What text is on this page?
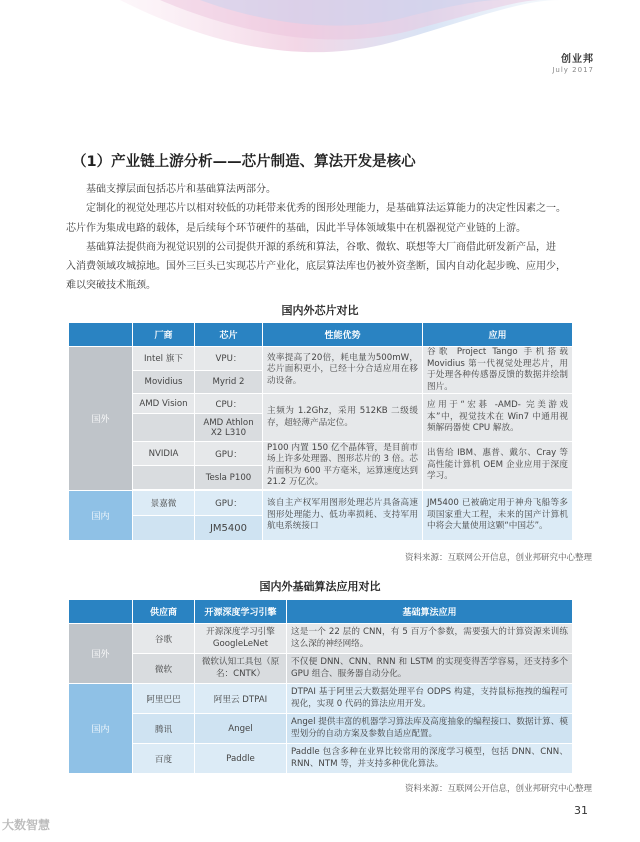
创业邦
July 2017
（1）产业链上游分析——芯片制造、算法开发是核心

基础支撑层面包括芯片和基础算法两部分。

定制化的视觉处理芯片以相对较低的功耗带来优秀的图形处理能力，是基础算法运算能力的决定性因素之一。

芯片作为集成电路的载体，是后续每个环节硬件的基础，因此半导体领域集中在机器视觉产业链的上游。

基础算法提供商为视觉识别的公司提供开源的系统和算法，谷歌、微软、联想等大厂商借此研发新产品，进

入消费领域攻城掠地。国外三巨头已实现芯片产业化，底层算法库也仍被外资垄断，国内自动化起步晚、应用少，

难以突破技术瓶颈。

国内外芯片对比
	厂商	芯片	性能优势	应用
国外	Intel 旗下	VPU：	效率提高了20倍，耗电量为500mW，芯片面积更小，已经十分合适应用在移动设备。	谷歌 Project Tango 手机搭载 Movidius 第一代视觉处理芯片，用于处理各种传感器反馈的数据并绘制图片。
	Movidius	Myrid 2		
	AMD Vision	CPU：	主频为 1.2Ghz，采用 512KB 二级缓存，超轻薄产品定位。	应用于“宏碁 -AMD- 完美游戏本”中，视觉技术在 Win7 中通用视频解码器使 CPU 解放。
		AMD Athlon X2 L310		
	NVIDIA	GPU：	P100 内置 150 亿个晶体管，是目前市场上许多处理器、图形芯片的 3 倍。芯片面积为 600 平方毫米，运算速度达到 21.2 万亿次。	出售给 IBM、惠普、戴尔、Cray 等高性能计算机 OEM 企业应用于深度学习。
		Tesla P100		

国内	景嘉微	GPU：	该自主产权军用图形处理芯片具备高速图形处理能力、低功率损耗、支持军用航电系统接口	JM5400 已被确定用于神舟飞船等多项国家重大工程，未来的国产计算机中将会大量使用这颗“中国芯”。
		JM5400		
资料来源：互联网公开信息，创业邦研究中心整理
国内外基础算法应用对比
	供应商	开源深度学习引擎	基础算法应用
国外	谷歌	开源深度学习引擎 GoogleLeNet	这是一个 22 层的 CNN，有 5 百万个参数，需要强大的计算资源来训练这么深的神经网络。
	微软	微软认知工具包（原名：CNTK）	不仅便 DNN、CNN、RNN 和 LSTM 的实现变得苦学容易，还支持多个 GPU 组合、服务器自动分化。
国内	阿里巴巴	阿里云 DTPAI	DTPAI 基于阿里云大数据处理平台 ODPS 构建，支持鼠标拖拽的编程可视化，实现 0 代码的算法应用开发。
	腾讯	Angel	Angel 提供丰富的机器学习算法库及高度抽象的编程接口、数据计算、模型划分的自动方案及参数自适应配置。
	百度	Paddle	Paddle 包含多种在业界比较常用的深度学习模型，包括 DNN、CNN、RNN、NTM 等，并支持多种优化算法。
资料来源：互联网公开信息，创业邦研究中心整理
31
大数智慧
